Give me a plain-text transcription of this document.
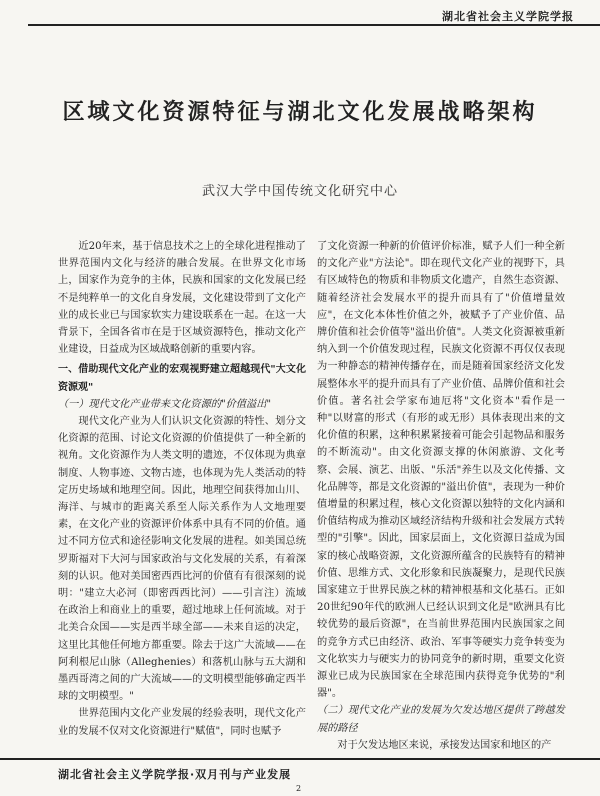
湖北省社会主义学院学报
区域文化资源特征与湖北文化发展战略架构
武汉大学中国传统文化研究中心

近20年来，基于信息技术之上的全球化进程推动了世界范围内文化与经济的融合发展。在世界文化市场上，国家作为竞争的主体，民族和国家的文化发展已经不是纯粹单一的文化自身发展，文化建设带到了文化产业的成长业已与国家软实力建设联系在一起。在这一大背景下，全国各省市在是于区域资源特色，推动文化产业建设，日益成为区域战略创新的重要内容。

一、借助现代文化产业的宏观视野建立超越现代"大文化资源观"

（一）现代文化产业带来文化资源的"价值溢出"

现代文化产业为人们认识文化资源的特性、划分文化资源的范围、讨论文化资源的价值提供了一种全新的视角。文化资源作为人类文明的遗迹，不仅体现为典章制度、人物事迹、文物古迹，也体现为先人类活动的特定历史场域和地理空间。因此，地理空间获得加山川、海洋、与城市的距离关系至人际关系作为人文地理要素，在文化产业的资源评价体系中具有不同的价值。通过不同方位式和途径影响文化发展的进程。如美国总统罗斯福对下大河与国家政治与文化发展的关系，有着深刻的认识。他对美国密西西比河的价值有有很深刻的说明："建立大必河（即密西西比河）——引言注）流域在政治上和商业上的重要，超过地球上任何流域。对于北美合众国——实是西半球全部——未来自运的决定，这里比其他任何地方都重要。除去于这广大流域——在阿利根尼山脉（Alleghenies）和落机山脉与五大湖和墨西哥湾之间的广大流域——的文明模型能够确定西半球的文明模型。"

世界范围内文化产业发展的经验表明，现代文化产业的发展不仅对文化资源进行"赋值"，同时也赋予

了文化资源一种新的价值评价标准，赋予人们一种全新的文化产业"方法论"。即在现代文化产业的视野下，具有区域特色的物质和非物质文化遗产，自然生态资源、随着经济社会发展水平的提升而具有了"价值增量效应"，在文化本体性价值之外，被赋予了产业价值、品牌价值和社会价值等"溢出价值"。人类文化资源被重新纳入到一个价值发现过程，民族文化资源不再仅仅表现为一种静态的精神传播存在，而是随着国家经济文化发展整体水平的提升而具有了产业价值、品牌价值和社会价值。著名社会学家布迪厄将"文化资本"看作是一种"以财富的形式（有形的或无形）具体表现出来的文化价值的积累，这种积累紧接着可能会引起物品和服务的不断流动"。由文化资源支撑的休闲旅游、文化考察、会展、演艺、出版、"乐活"养生以及文化传播、文化品牌等，都是文化资源的"溢出价值"，表现为一种价值增量的积累过程，核心文化资源以独特的文化内涵和价值结构成为推动区域经济结构升级和社会发展方式转型的"引擎"。因此，国家层面上，文化资源日益成为国家的核心战略资源，文化资源所蕴含的民族特有的精神价值、思维方式、文化形象和民族凝聚力，是现代民族国家建立于世界民族之林的精神根基和文化基石。正如20世纪90年代的欧洲人已经认识到文化是"欧洲具有比较优势的最后资源"，在当前世界范围内民族国家之间的竞争方式已由经济、政治、军事等硬实力竞争转变为文化软实力与硬实力的协同竞争的新时期，重要文化资源业已成为民族国家在全球范围内获得竞争优势的"利器"。

（二）现代文化产业的发展为欠发达地区提供了跨越发展的路径

对于欠发达地区来说，承接发达国家和地区的产

湖北省社会主义学院学报·双月刊与产业发展
2
